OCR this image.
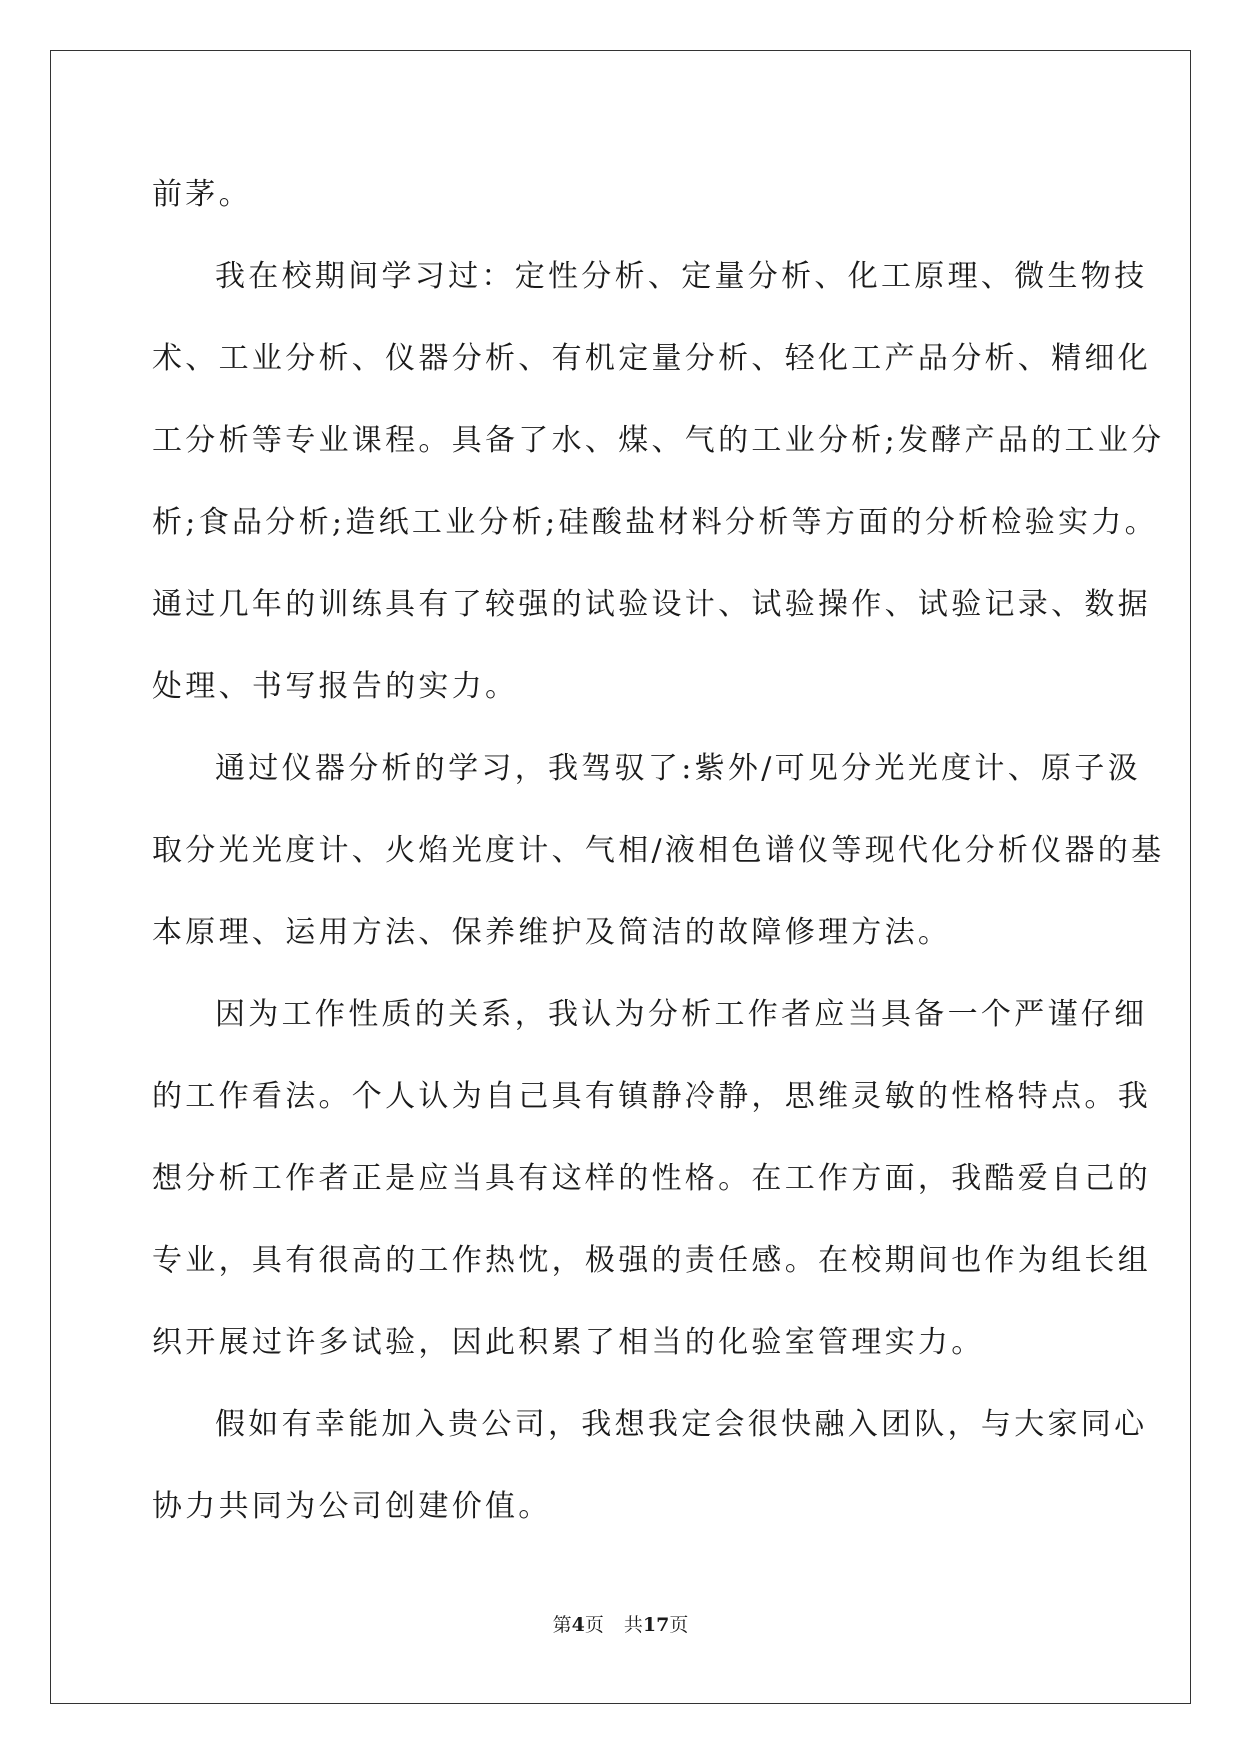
前茅。
我在校期间学习过：定性分析、定量分析、化工原理、微生物技
术、工业分析、仪器分析、有机定量分析、轻化工产品分析、精细化
工分析等专业课程。具备了水、煤、气的工业分析;发酵产品的工业分
析;食品分析;造纸工业分析;硅酸盐材料分析等方面的分析检验实力。
通过几年的训练具有了较强的试验设计、试验操作、试验记录、数据
处理、书写报告的实力。
通过仪器分析的学习，我驾驭了:紫外/可见分光光度计、原子汲
取分光光度计、火焰光度计、气相/液相色谱仪等现代化分析仪器的基
本原理、运用方法、保养维护及简洁的故障修理方法。
因为工作性质的关系，我认为分析工作者应当具备一个严谨仔细
的工作看法。个人认为自己具有镇静冷静，思维灵敏的性格特点。我
想分析工作者正是应当具有这样的性格。在工作方面，我酷爱自己的
专业，具有很高的工作热忱，极强的责任感。在校期间也作为组长组
织开展过许多试验，因此积累了相当的化验室管理实力。
假如有幸能加入贵公司，我想我定会很快融入团队，与大家同心
协力共同为公司创建价值。
第4页 共17页
